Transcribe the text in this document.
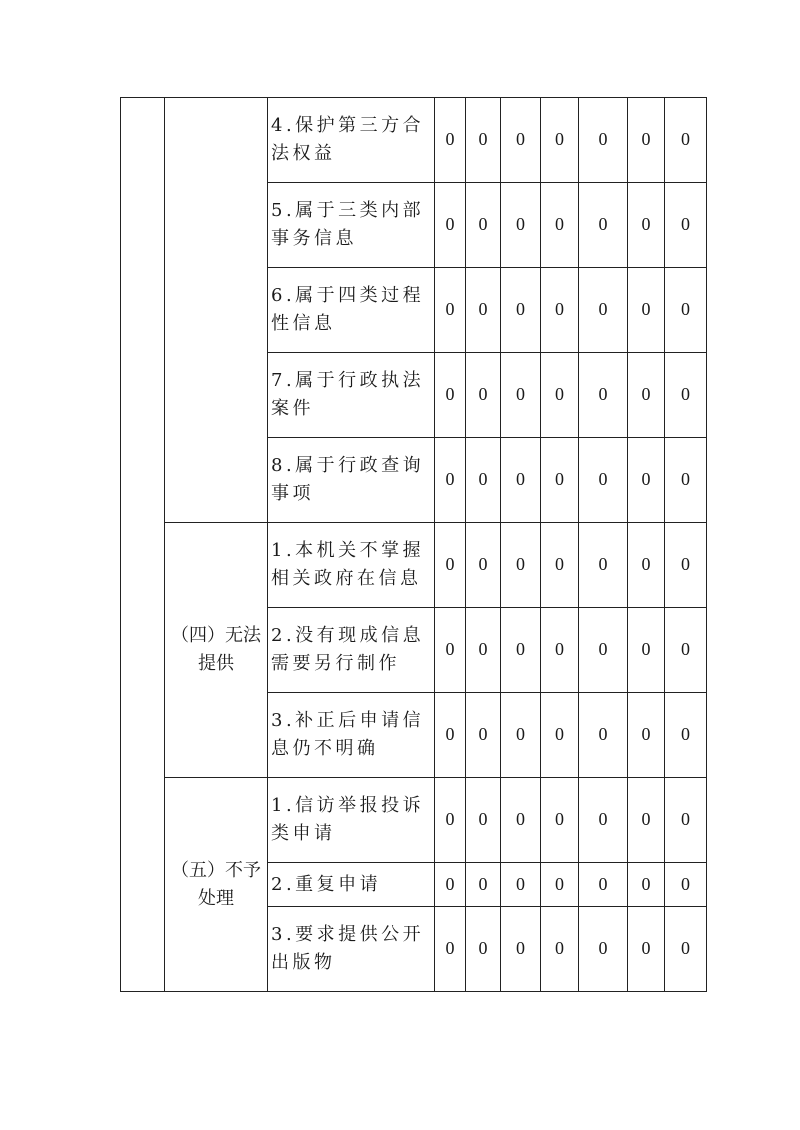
		4.保护第三方合法权益	0	0	0	0	0	0	0
		5.属于三类内部事务信息	0	0	0	0	0	0	0
		6.属于四类过程性信息	0	0	0	0	0	0	0
		7.属于行政执法案件	0	0	0	0	0	0	0
		8.属于行政查询事项	0	0	0	0	0	0	0
	（四）无法提供	1.本机关不掌握相关政府在信息	0	0	0	0	0	0	0
		2.没有现成信息需要另行制作	0	0	0	0	0	0	0
		3.补正后申请信息仍不明确	0	0	0	0	0	0	0
	（五）不予处理	1.信访举报投诉类申请	0	0	0	0	0	0	0
		2.重复申请	0	0	0	0	0	0	0
		3.要求提供公开出版物	0	0	0	0	0	0	0
